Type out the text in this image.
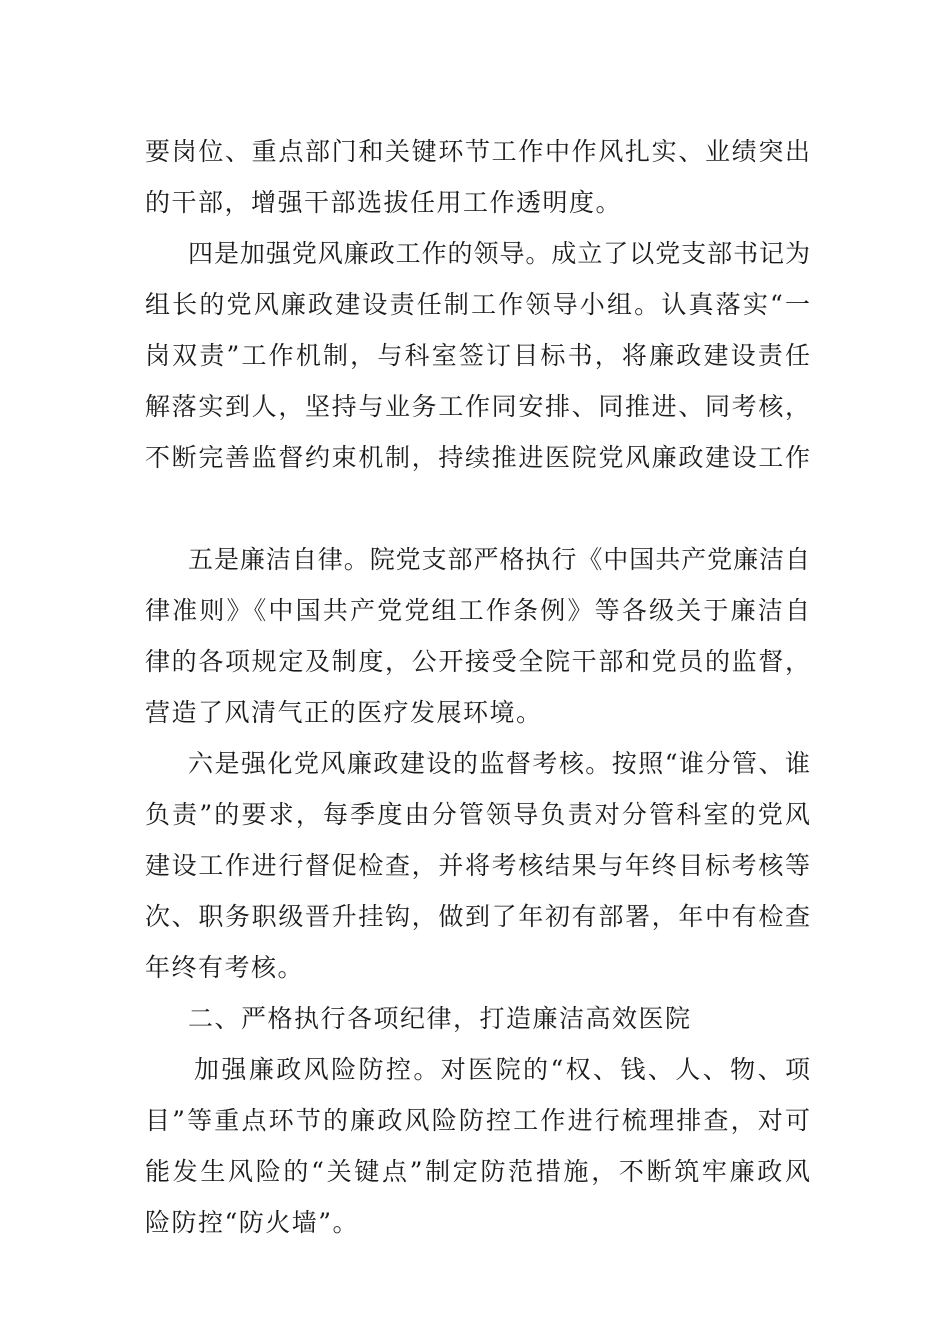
要岗位、重点部门和关键环节工作中作风扎实、业绩突出
的干部，增强干部选拔任用工作透明度。
四是加强党风廉政工作的领导。成立了以党支部书记为
组长的党风廉政建设责任制工作领导小组。认真落实“一
岗双责”工作机制，与科室签订目标书，将廉政建设责任
解落实到人，坚持与业务工作同安排、同推进、同考核，
不断完善监督约束机制，持续推进医院党风廉政建设工作
五是廉洁自律。院党支部严格执行《中国共产党廉洁自
律准则》《中国共产党党组工作条例》等各级关于廉洁自
律的各项规定及制度，公开接受全院干部和党员的监督，
营造了风清气正的医疗发展环境。
六是强化党风廉政建设的监督考核。按照“谁分管、谁
负责”的要求，每季度由分管领导负责对分管科室的党风
建设工作进行督促检查，并将考核结果与年终目标考核等
次、职务职级晋升挂钩，做到了年初有部署，年中有检查
年终有考核。
二、严格执行各项纪律，打造廉洁高效医院
加强廉政风险防控。对医院的“权、钱、人、物、项
目”等重点环节的廉政风险防控工作进行梳理排查，对可
能发生风险的“关键点”制定防范措施，不断筑牢廉政风
险防控“防火墙”。
